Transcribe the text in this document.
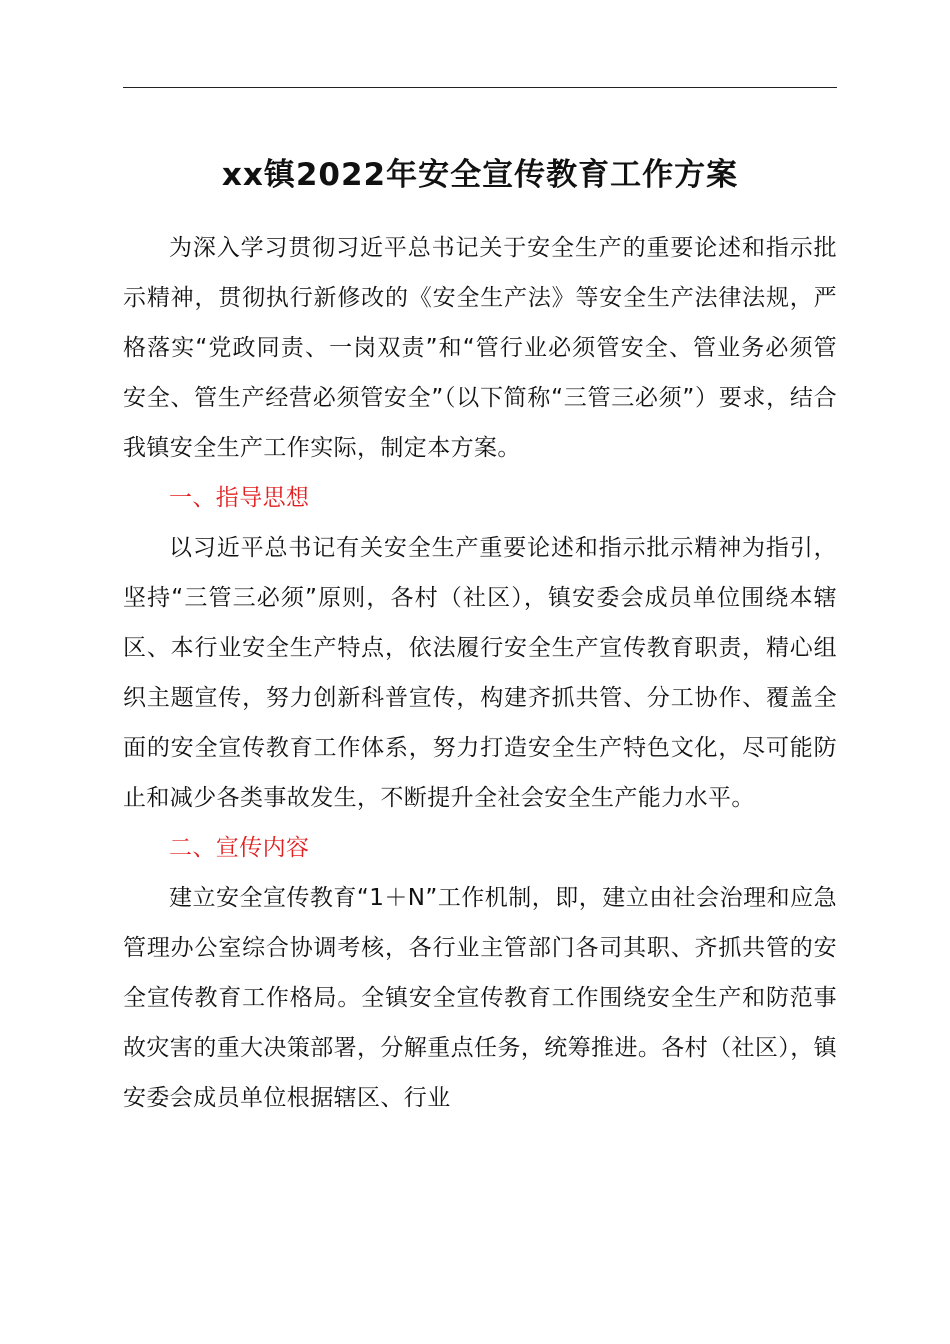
xx镇2022年安全宣传教育工作方案

为深入学习贯彻习近平总书记关于安全生产的重要论述和指示批示精神，贯彻执行新修改的《安全生产法》等安全生产法律法规，严格落实“党政同责、一岗双责”和“管行业必须管安全、管业务必须管安全、管生产经营必须管安全”（以下简称“三管三必须”）要求，结合我镇安全生产工作实际，制定本方案。

一、指导思想

以习近平总书记有关安全生产重要论述和指示批示精神为指引，坚持“三管三必须”原则，各村（社区），镇安委会成员单位围绕本辖区、本行业安全生产特点，依法履行安全生产宣传教育职责，精心组织主题宣传，努力创新科普宣传，构建齐抓共管、分工协作、覆盖全面的安全宣传教育工作体系，努力打造安全生产特色文化，尽可能防止和减少各类事故发生，不断提升全社会安全生产能力水平。

二、宣传内容

建立安全宣传教育“1＋N”工作机制，即，建立由社会治理和应急管理办公室综合协调考核，各行业主管部门各司其职、齐抓共管的安全宣传教育工作格局。全镇安全宣传教育工作围绕安全生产和防范事故灾害的重大决策部署，分解重点任务，统筹推进。各村（社区），镇安委会成员单位根据辖区、行业
